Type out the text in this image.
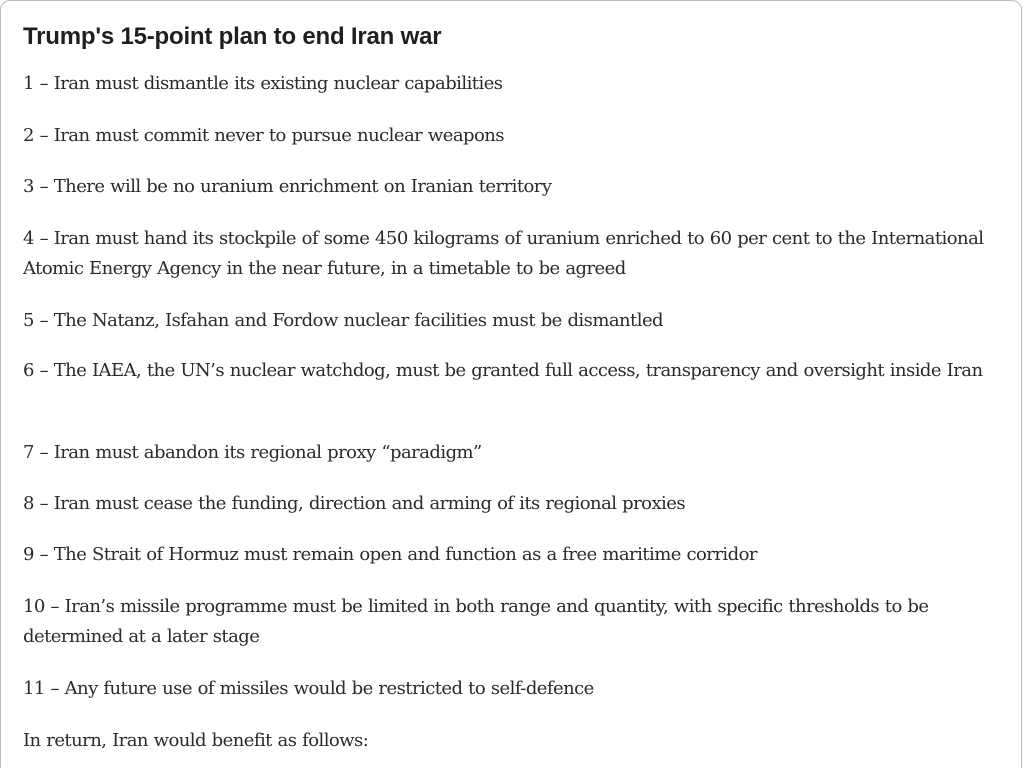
Trump's 15-point plan to end Iran war

1 – Iran must dismantle its existing nuclear capabilities

2 – Iran must commit never to pursue nuclear weapons

3 – There will be no uranium enrichment on Iranian territory

4 – Iran must hand its stockpile of some 450 kilograms of uranium enriched to 60 per cent to the International Atomic Energy Agency in the near future, in a timetable to be agreed

5 – The Natanz, Isfahan and Fordow nuclear facilities must be dismantled

6 – The IAEA, the UN’s nuclear watchdog, must be granted full access, transparency and oversight inside Iran

7 – Iran must abandon its regional proxy “paradigm”

8 – Iran must cease the funding, direction and arming of its regional proxies

9 – The Strait of Hormuz must remain open and function as a free maritime corridor

10 – Iran’s missile programme must be limited in both range and quantity, with specific thresholds to be determined at a later stage

11 – Any future use of missiles would be restricted to self-defence

In return, Iran would benefit as follows:
